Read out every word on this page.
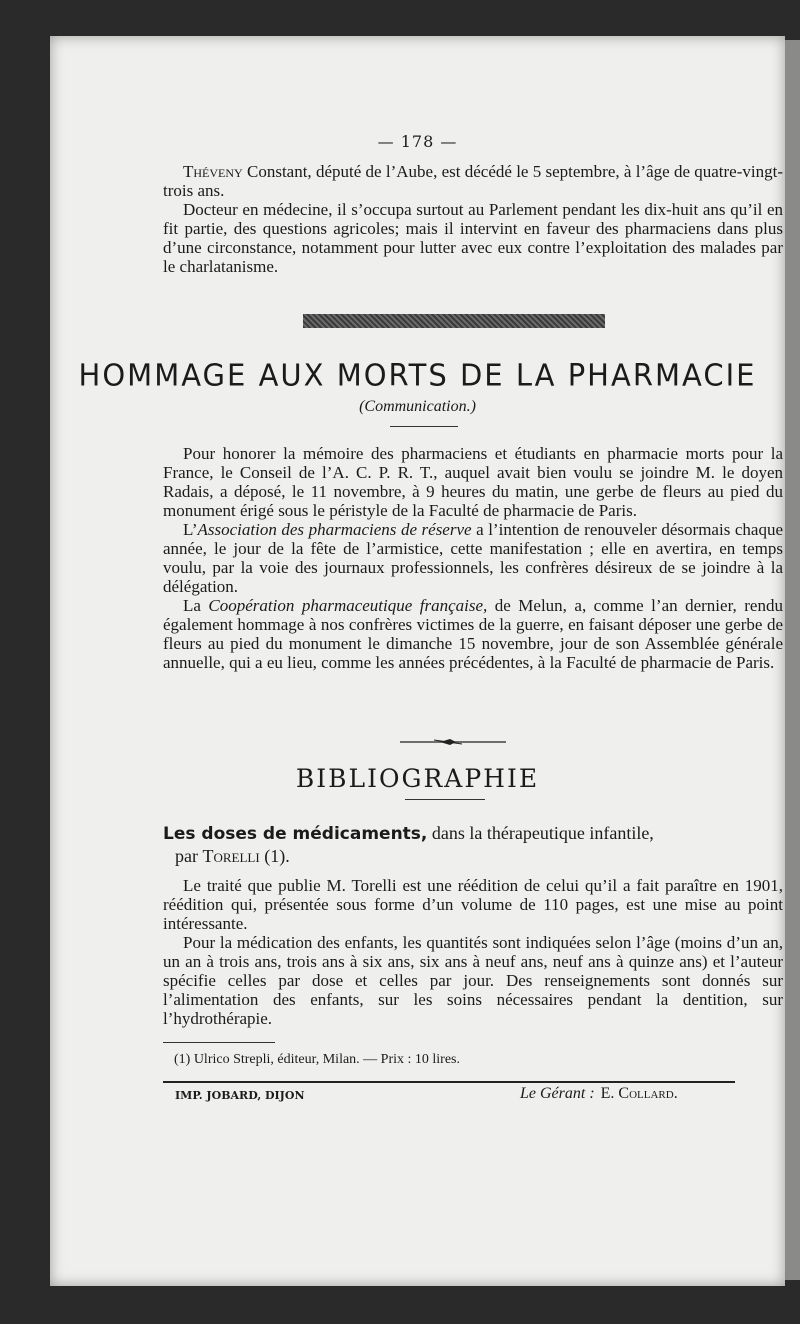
— 178 —

Théveny Constant, député de l’Aube, est décédé le 5 septembre, à l’âge de quatre-vingt-trois ans.

Docteur en médecine, il s’occupa surtout au Parlement pendant les dix-huit ans qu’il en fit partie, des questions agricoles; mais il intervint en faveur des pharmaciens dans plus d’une circonstance, notamment pour lutter avec eux contre l’exploitation des malades par le charlatanisme.

HOMMAGE AUX MORTS DE LA PHARMACIE
(Communication.)

Pour honorer la mémoire des pharmaciens et étudiants en pharmacie morts pour la France, le Conseil de l’A. C. P. R. T., auquel avait bien voulu se joindre M. le doyen Radais, a déposé, le 11 novembre, à 9 heures du matin, une gerbe de fleurs au pied du monument érigé sous le péristyle de la Faculté de pharmacie de Paris.

L’Association des pharmaciens de réserve a l’intention de renouveler désormais chaque année, le jour de la fête de l’armistice, cette manifestation ; elle en avertira, en temps voulu, par la voie des journaux professionnels, les confrères désireux de se joindre à la délégation.

La Coopération pharmaceutique française, de Melun, a, comme l’an dernier, rendu également hommage à nos confrères victimes de la guerre, en faisant déposer une gerbe de fleurs au pied du monument le dimanche 15 novembre, jour de son Assemblée générale annuelle, qui a eu lieu, comme les années précédentes, à la Faculté de pharmacie de Paris.

BIBLIOGRAPHIE
Les doses de médicaments, dans la thérapeutique infantile,
par Torelli (1).

Le traité que publie M. Torelli est une réédition de celui qu’il a fait paraître en 1901, réédition qui, présentée sous forme d’un volume de 110 pages, est une mise au point intéressante.

Pour la médication des enfants, les quantités sont indiquées selon l’âge (moins d’un an, un an à trois ans, trois ans à six ans, six ans à neuf ans, neuf ans à quinze ans) et l’auteur spécifie celles par dose et celles par jour. Des renseignements sont donnés sur l’alimentation des enfants, sur les soins nécessaires pendant la dentition, sur l’hydrothérapie.

(1) Ulrico Strepli, éditeur, Milan. — Prix : 10 lires.
IMP. JOBARD, DIJON	Le Gérant : E. Collard.
